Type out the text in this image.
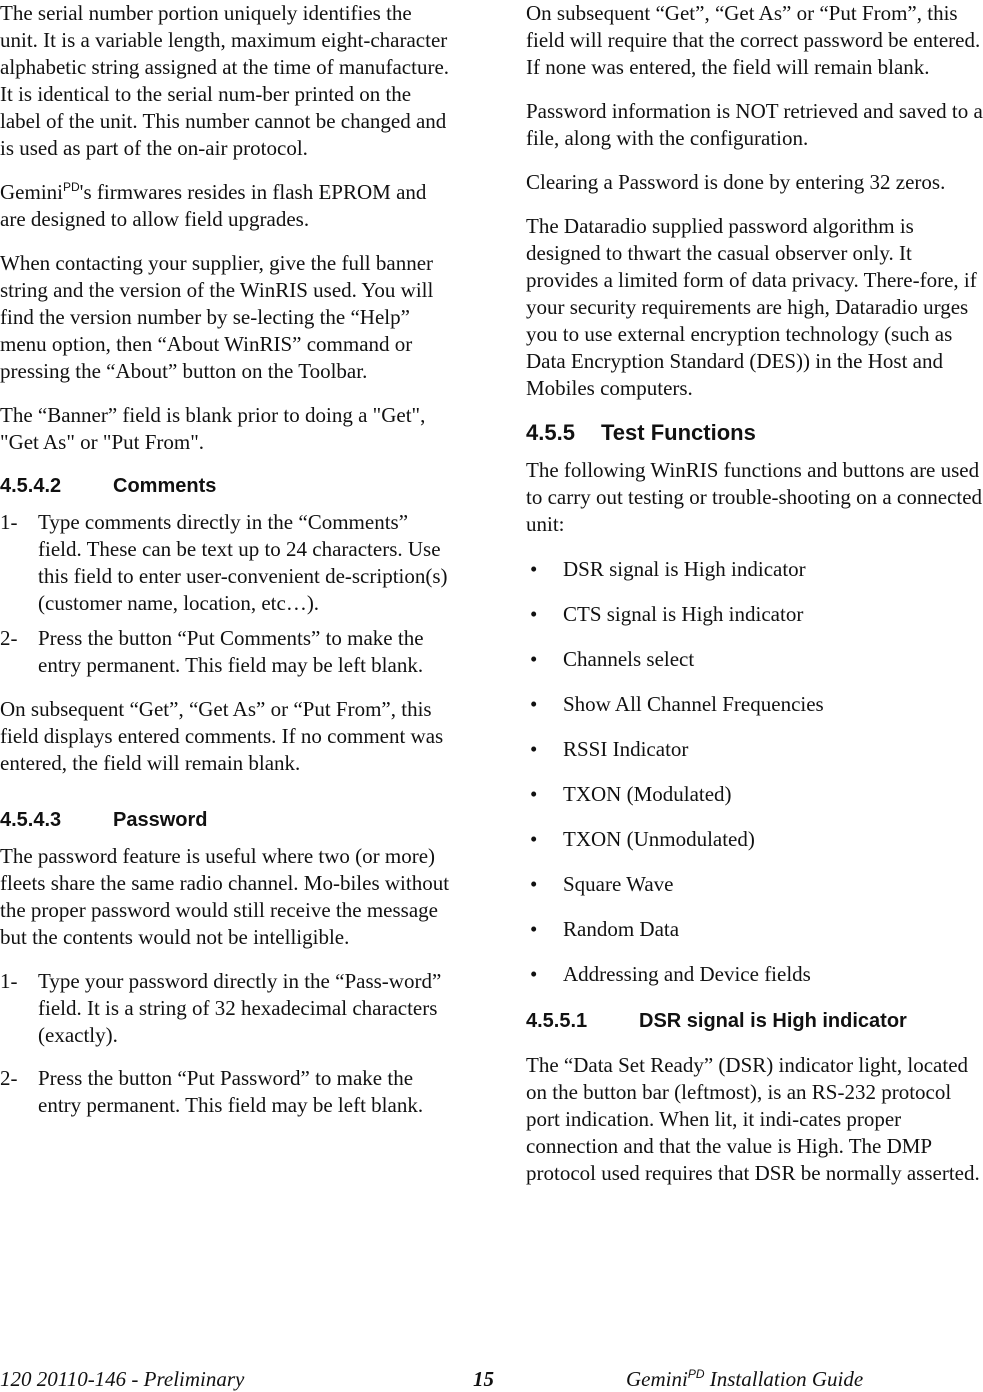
The serial number portion uniquely identifies the unit. It is a variable length, maximum eight-character alphabetic string assigned at the time of manufacture. It is identical to the serial num-ber printed on the label of the unit. This number cannot be changed and is used as part of the on-air protocol.

Gemini$^{PD}$'s firmwares resides in flash EPROM and are designed to allow field upgrades.

When contacting your supplier, give the full banner string and the version of the WinRIS used. You will find the version number by se-lecting the “Help” menu option, then “About WinRIS” command or pressing the “About” button on the Toolbar.

The “Banner” field is blank prior to doing a "Get", "Get As" or "Put From".

4.5.4.2	Comments
1- Type comments directly in the “Comments” field. These can be text up to 24 characters. Use this field to enter user-convenient de-scription(s) (customer name, location, etc…).

2- Press the button “Put Comments” to make the entry permanent. This field may be left blank.

On subsequent “Get”, “Get As” or “Put From”, this field displays entered comments. If no comment was entered, the field will remain blank.

4.5.4.3	Password

The password feature is useful where two (or more) fleets share the same radio channel. Mo-biles without the proper password would still receive the message but the contents would not be intelligible.

1- Type your password directly in the “Pass-word” field. It is a string of 32 hexadecimal characters (exactly).

2- Press the button “Put Password” to make the entry permanent. This field may be left blank.

On subsequent “Get”, “Get As” or “Put From”, this field will require that the correct password be entered. If none was entered, the field will remain blank.

Password information is NOT retrieved and saved to a file, along with the configuration.

Clearing a Password is done by entering 32 zeros.

The Dataradio supplied password algorithm is designed to thwart the casual observer only. It provides a limited form of data privacy. There-fore, if your security requirements are high, Dataradio urges you to use external encryption technology (such as Data Encryption Standard (DES)) in the Host and Mobiles computers.

4.5.5	Test Functions

The following WinRIS functions and buttons are used to carry out testing or trouble-shooting on a connected unit:

• DSR signal is High indicator
• CTS signal is High indicator
• Channels select
• Show All Channel Frequencies
• RSSI Indicator
• TXON (Modulated)
• TXON (Unmodulated)
• Square Wave
• Random Data
• Addressing and Device fields
4.5.5.1	DSR signal is High indicator

The “Data Set Ready” (DSR) indicator light, located on the button bar (leftmost), is an RS-232 protocol port indication. When lit, it indi-cates proper connection and that the value is High. The DMP protocol used requires that DSR be normally asserted.

120 20110-146 - Preliminary	15	Gemini$^{PD}$ Installation Guide
